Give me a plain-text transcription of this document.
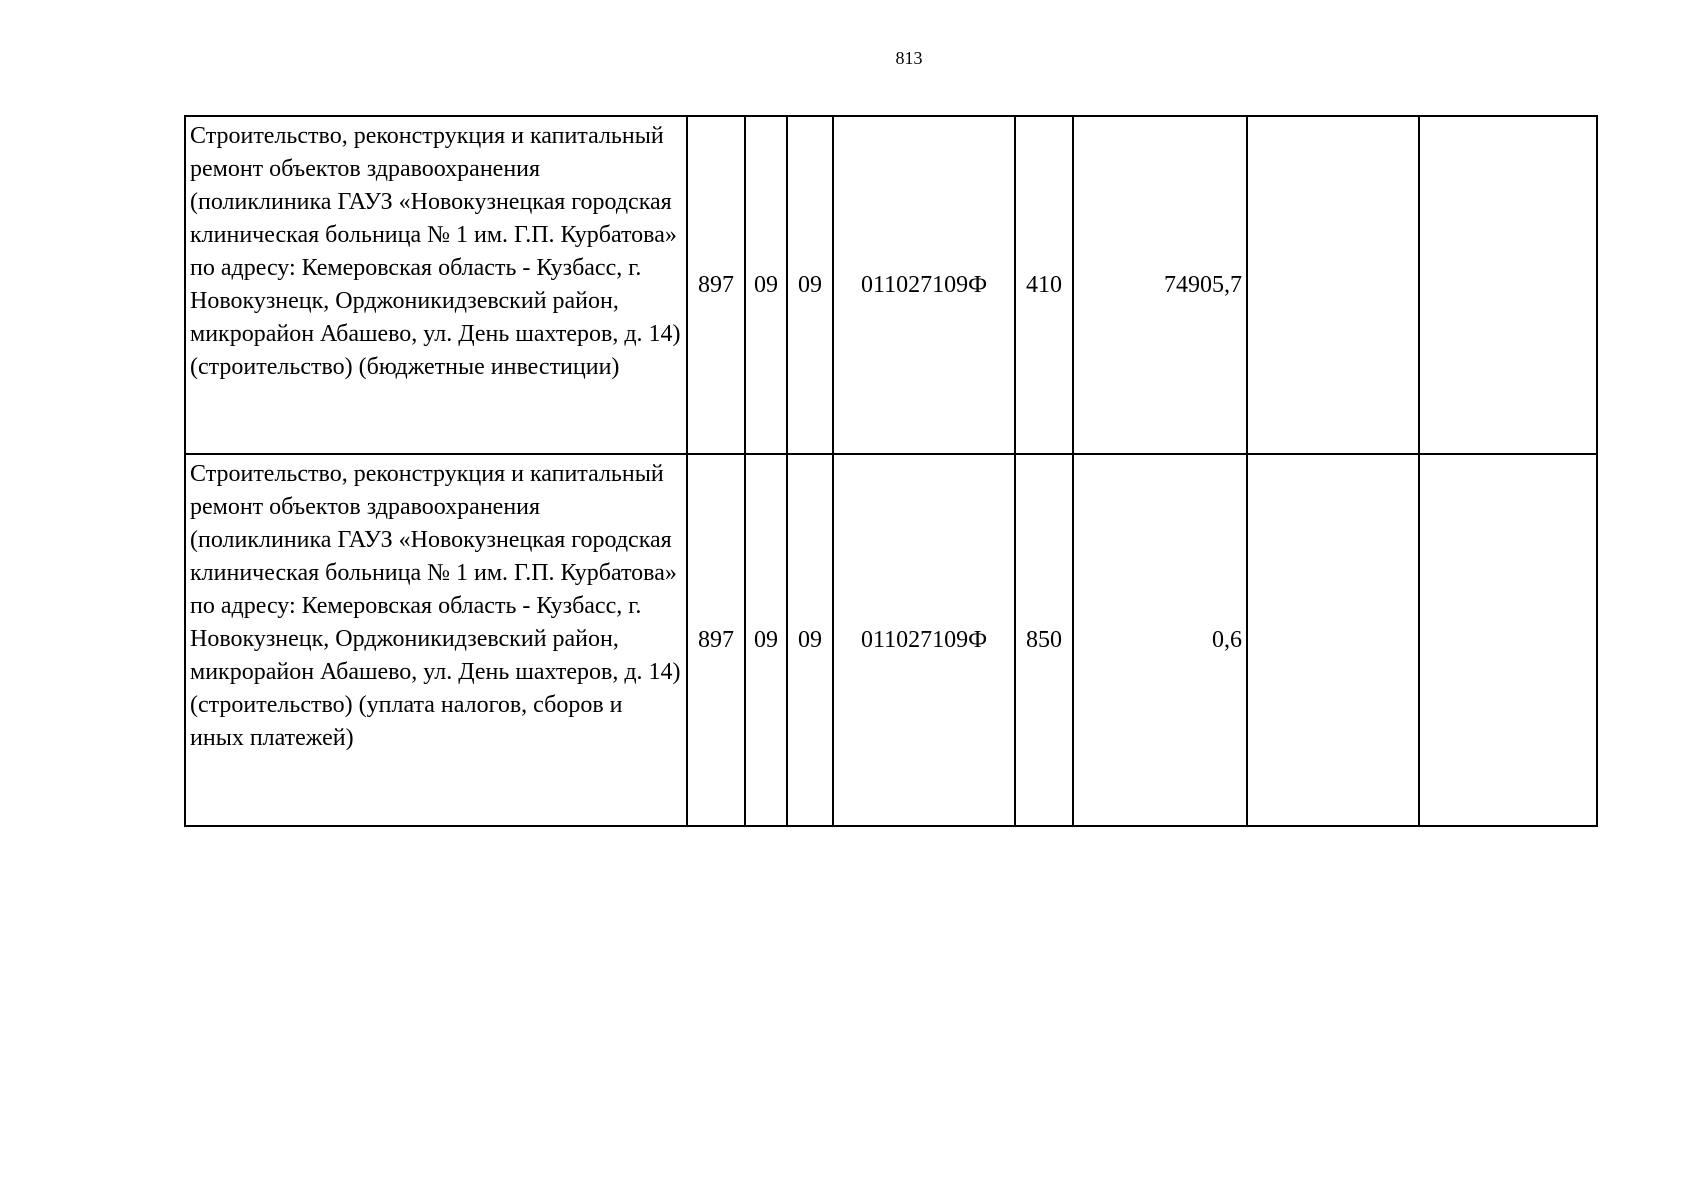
813
Строительство, реконструкция и капитальный ремонт объектов здравоохранения (поликлиника ГАУЗ «Новокузнецкая городская клиническая больница № 1 им. Г.П. Курбатова» по адресу: Кемеровская область - Кузбасс, г. Новокузнецк, Орджоникидзевский район, микрорайон Абашево, ул. День шахтеров, д. 14) (строительство) (бюджетные инвестиции)	897	09	09	011027109Ф	410	74905,7		
Строительство, реконструкция и капитальный ремонт объектов здравоохранения (поликлиника ГАУЗ «Новокузнецкая городская клиническая больница № 1 им. Г.П. Курбатова» по адресу: Кемеровская область - Кузбасс, г. Новокузнецк, Орджоникидзевский район, микрорайон Абашево, ул. День шахтеров, д. 14) (строительство) (уплата налогов, сборов и иных платежей)	897	09	09	011027109Ф	850	0,6		
